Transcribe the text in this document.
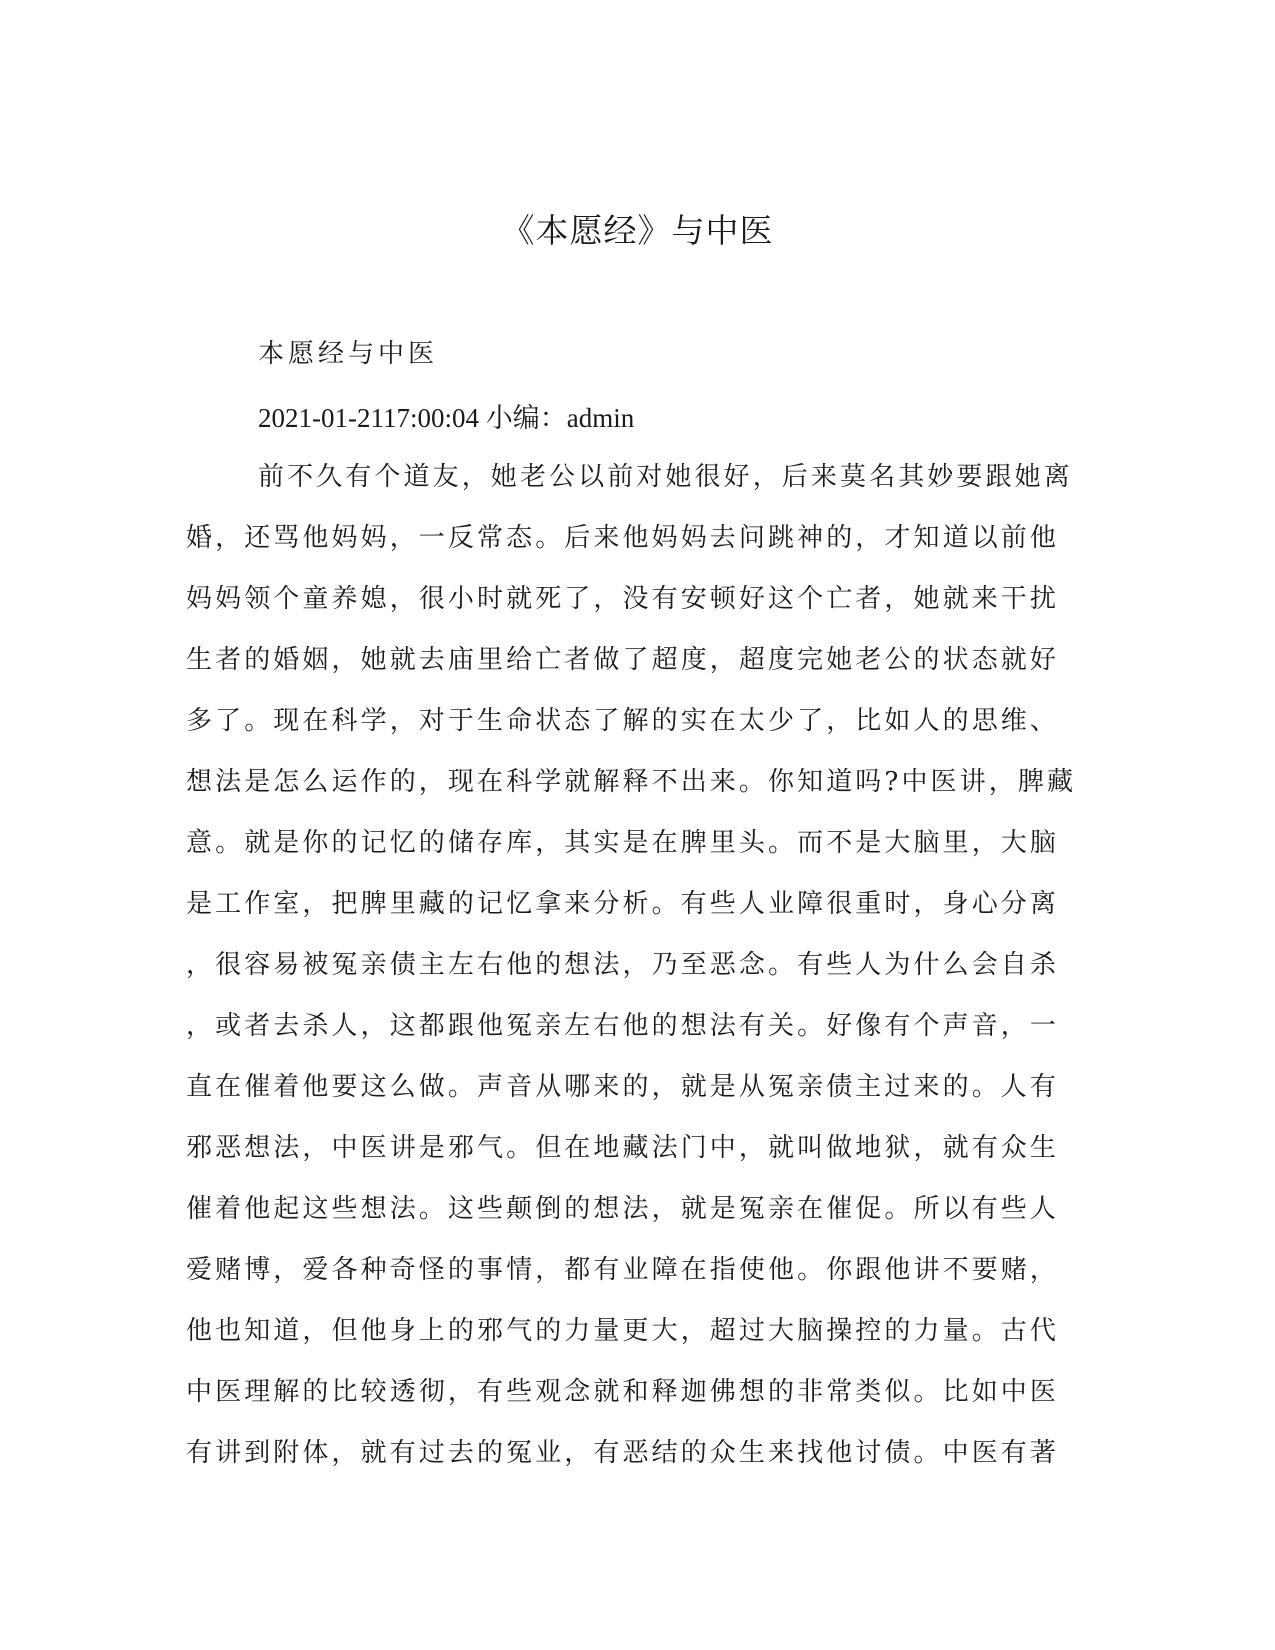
《本愿经》与中医

本愿经与中医

2021-01-2117:00:04 小编：admin

前不久有个道友，她老公以前对她很好，后来莫名其妙要跟她离
婚，还骂他妈妈，一反常态。后来他妈妈去问跳神的，才知道以前他
妈妈领个童养媳，很小时就死了，没有安顿好这个亡者，她就来干扰
生者的婚姻，她就去庙里给亡者做了超度，超度完她老公的状态就好
多了。现在科学，对于生命状态了解的实在太少了，比如人的思维、
想法是怎么运作的，现在科学就解释不出来。你知道吗?中医讲，脾藏
意。就是你的记忆的储存库，其实是在脾里头。而不是大脑里，大脑
是工作室，把脾里藏的记忆拿来分析。有些人业障很重时，身心分离
，很容易被冤亲债主左右他的想法，乃至恶念。有些人为什么会自杀
，或者去杀人，这都跟他冤亲左右他的想法有关。好像有个声音，一
直在催着他要这么做。声音从哪来的，就是从冤亲债主过来的。人有
邪恶想法，中医讲是邪气。但在地藏法门中，就叫做地狱，就有众生
催着他起这些想法。这些颠倒的想法，就是冤亲在催促。所以有些人
爱赌博，爱各种奇怪的事情，都有业障在指使他。你跟他讲不要赌，
他也知道，但他身上的邪气的力量更大，超过大脑操控的力量。古代
中医理解的比较透彻，有些观念就和释迦佛想的非常类似。比如中医
有讲到附体，就有过去的冤业，有恶结的众生来找他讨债。中医有著
